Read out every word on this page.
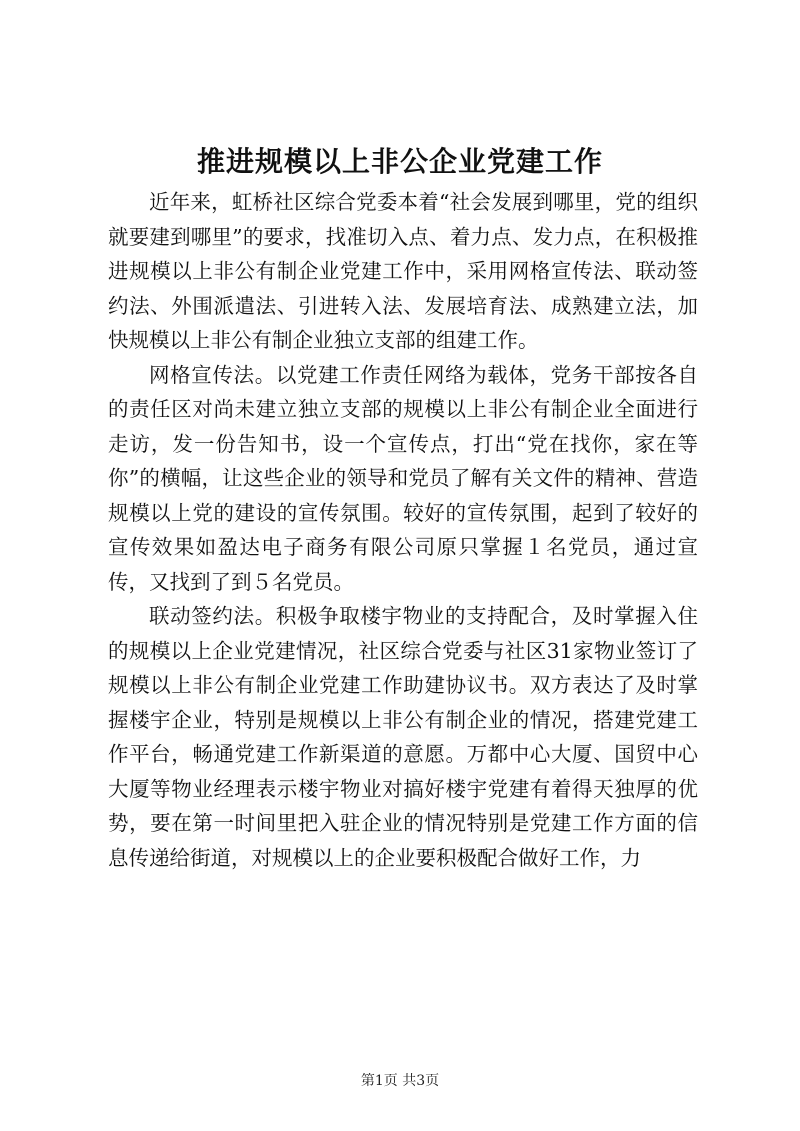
推进规模以上非公企业党建工作

近年来，虹桥社区综合党委本着“社会发展到哪里，党的组织就要建到哪里”的要求，找准切入点、着力点、发力点，在积极推进规模以上非公有制企业党建工作中，采用网格宣传法、联动签约法、外围派遣法、引进转入法、发展培育法、成熟建立法，加快规模以上非公有制企业独立支部的组建工作。

网格宣传法。以党建工作责任网络为载体，党务干部按各自的责任区对尚未建立独立支部的规模以上非公有制企业全面进行走访，发一份告知书，设一个宣传点，打出“党在找你，家在等你”的横幅，让这些企业的领导和党员了解有关文件的精神、营造规模以上党的建设的宣传氛围。较好的宣传氛围，起到了较好的宣传效果如盈达电子商务有限公司原只掌握１名党员，通过宣传，又找到了到５名党员。

联动签约法。积极争取楼宇物业的支持配合，及时掌握入住的规模以上企业党建情况，社区综合党委与社区31家物业签订了规模以上非公有制企业党建工作助建协议书。双方表达了及时掌握楼宇企业，特别是规模以上非公有制企业的情况，搭建党建工作平台，畅通党建工作新渠道的意愿。万都中心大厦、国贸中心大厦等物业经理表示楼宇物业对搞好楼宇党建有着得天独厚的优势，要在第一时间里把入驻企业的情况特别是党建工作方面的信息传递给街道，对规模以上的企业要积极配合做好工作，力

第1页 共3页
